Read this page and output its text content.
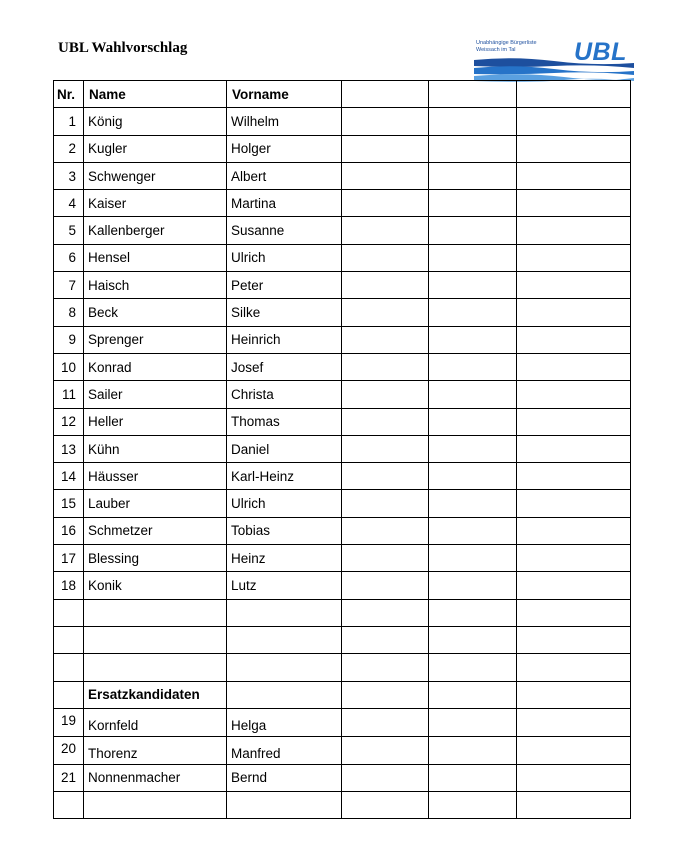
UBL Wahlvorschlag	Unabhängige Bürgerliste
Weissach im Tal	UBL
Nr.	Name	Vorname			
1	König	Wilhelm			
2	Kugler	Holger			
3	Schwenger	Albert			
4	Kaiser	Martina			
5	Kallenberger	Susanne			
6	Hensel	Ulrich			
7	Haisch	Peter			
8	Beck	Silke			
9	Sprenger	Heinrich			
10	Konrad	Josef			
11	Sailer	Christa			
12	Heller	Thomas			
13	Kühn	Daniel			
14	Häusser	Karl-Heinz			
15	Lauber	Ulrich			
16	Schmetzer	Tobias			
17	Blessing	Heinz			
18	Konik	Lutz			

	Ersatzkandidaten				
19	Kornfeld	Helga			
20	Thorenz	Manfred			
21	Nonnenmacher	Bernd			
